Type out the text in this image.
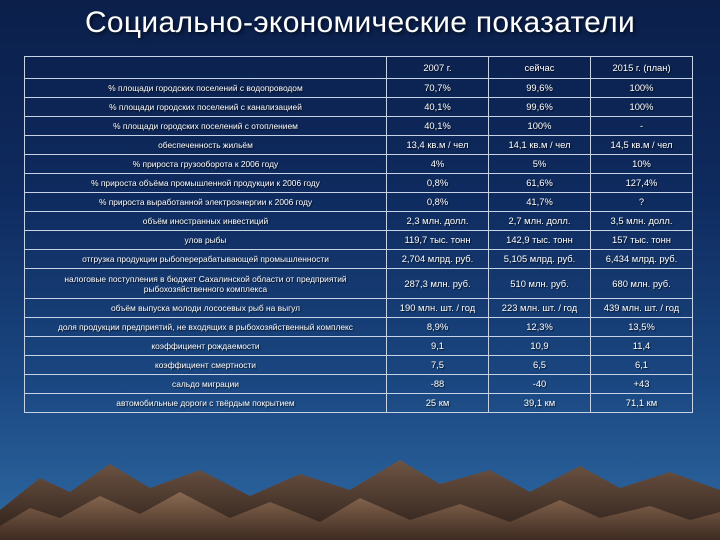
Социально-экономические показатели
	2007 г.	сейчас	2015 г. (план)
% площади городских поселений с водопроводом	70,7%	99,6%	100%
% площади городских поселений с канализацией	40,1%	99,6%	100%
% площади городских поселений с отоплением	40,1%	100%	-
обеспеченность жильём	13,4 кв.м / чел	14,1 кв.м / чел	14,5 кв.м / чел
% прироста грузооборота к 2006 году	4%	5%	10%
% прироста объёма промышленной продукции к 2006 году	0,8%	61,6%	127,4%
% прироста выработанной электроэнергии к 2006 году	0,8%	41,7%	?
объём иностранных инвестиций	2,3 млн. долл.	2,7 млн. долл.	3,5 млн. долл.
улов рыбы	119,7 тыс. тонн	142,9 тыс. тонн	157 тыс. тонн
отгрузка продукции рыбоперерабатывающей промышленности	2,704 млрд. руб.	5,105 млрд. руб.	6,434 млрд. руб.
налоговые поступления в бюджет Сахалинской области от предприятий рыбохозяйственного комплекса	287,3 млн. руб.	510 млн. руб.	680 млн. руб.
объём выпуска молоди лососевых рыб на выгул	190 млн. шт. / год	223 млн. шт. / год	439 млн. шт. / год
доля продукции предприятий, не входящих в рыбохозяйственный комплекс	8,9%	12,3%	13,5%
коэффициент рождаемости	9,1	10,9	11,4
коэффициент смертности	7,5	6,5	6,1
сальдо миграции	-88	-40	+43
автомобильные дороги с твёрдым покрытием	25 км	39,1 км	71,1 км
